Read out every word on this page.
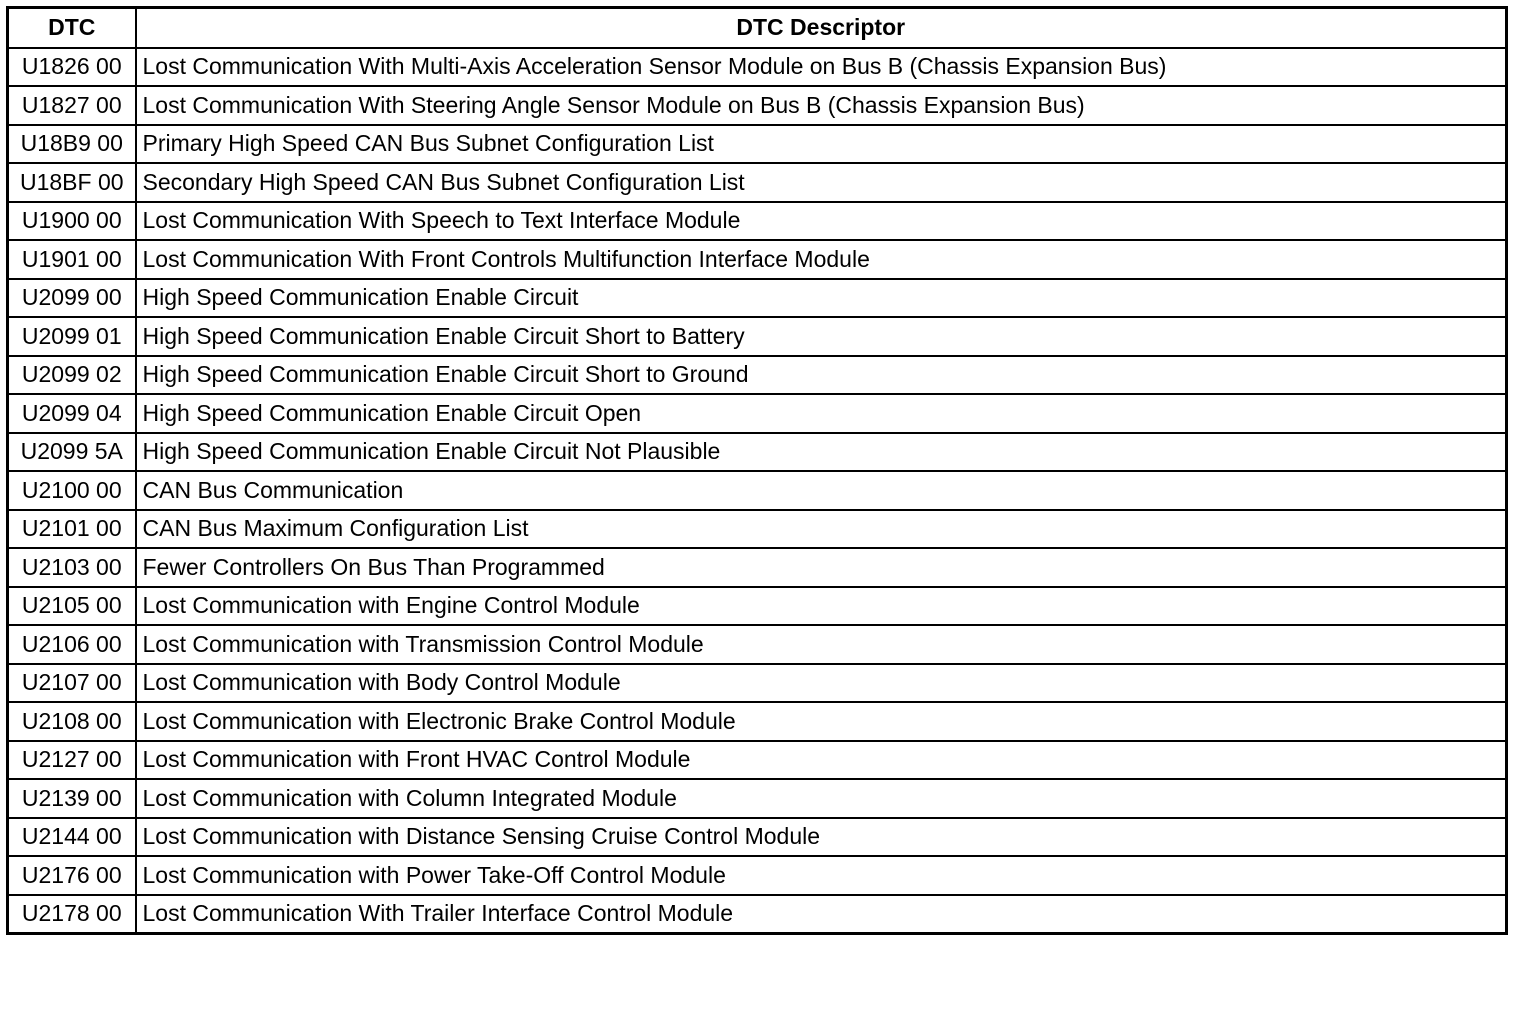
DTC	DTC Descriptor
U1826 00	Lost Communication With Multi-Axis Acceleration Sensor Module on Bus B (Chassis Expansion Bus)
U1827 00	Lost Communication With Steering Angle Sensor Module on Bus B (Chassis Expansion Bus)
U18B9 00	Primary High Speed CAN Bus Subnet Configuration List
U18BF 00	Secondary High Speed CAN Bus Subnet Configuration List
U1900 00	Lost Communication With Speech to Text Interface Module
U1901 00	Lost Communication With Front Controls Multifunction Interface Module
U2099 00	High Speed Communication Enable Circuit
U2099 01	High Speed Communication Enable Circuit Short to Battery
U2099 02	High Speed Communication Enable Circuit Short to Ground
U2099 04	High Speed Communication Enable Circuit Open
U2099 5A	High Speed Communication Enable Circuit Not Plausible
U2100 00	CAN Bus Communication
U2101 00	CAN Bus Maximum Configuration List
U2103 00	Fewer Controllers On Bus Than Programmed
U2105 00	Lost Communication with Engine Control Module
U2106 00	Lost Communication with Transmission Control Module
U2107 00	Lost Communication with Body Control Module
U2108 00	Lost Communication with Electronic Brake Control Module
U2127 00	Lost Communication with Front HVAC Control Module
U2139 00	Lost Communication with Column Integrated Module
U2144 00	Lost Communication with Distance Sensing Cruise Control Module
U2176 00	Lost Communication with Power Take-Off Control Module
U2178 00	Lost Communication With Trailer Interface Control Module
